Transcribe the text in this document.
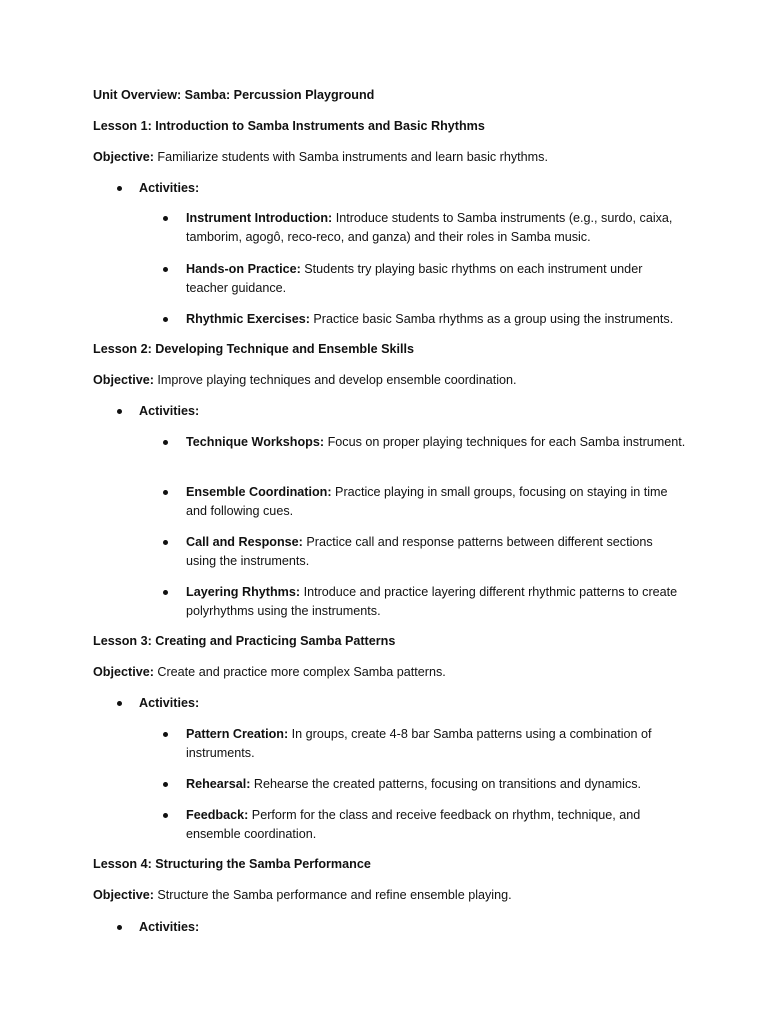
Unit Overview: Samba: Percussion Playground
Lesson 1: Introduction to Samba Instruments and Basic Rhythms
Objective: Familiarize students with Samba instruments and learn basic rhythms.
Activities:
Instrument Introduction: Introduce students to Samba instruments (e.g., surdo, caixa, tamborim, agogô, reco-reco, and ganza) and their roles in Samba music.
Hands-on Practice: Students try playing basic rhythms on each instrument under teacher guidance.
Rhythmic Exercises: Practice basic Samba rhythms as a group using the instruments.
Lesson 2: Developing Technique and Ensemble Skills
Objective: Improve playing techniques and develop ensemble coordination.
Activities:
Technique Workshops: Focus on proper playing techniques for each Samba instrument.
Ensemble Coordination: Practice playing in small groups, focusing on staying in time and following cues.
Call and Response: Practice call and response patterns between different sections using the instruments.
Layering Rhythms: Introduce and practice layering different rhythmic patterns to create polyrhythms using the instruments.
Lesson 3: Creating and Practicing Samba Patterns
Objective: Create and practice more complex Samba patterns.
Activities:
Pattern Creation: In groups, create 4-8 bar Samba patterns using a combination of instruments.
Rehearsal: Rehearse the created patterns, focusing on transitions and dynamics.
Feedback: Perform for the class and receive feedback on rhythm, technique, and ensemble coordination.
Lesson 4: Structuring the Samba Performance
Objective: Structure the Samba performance and refine ensemble playing.
Activities:
